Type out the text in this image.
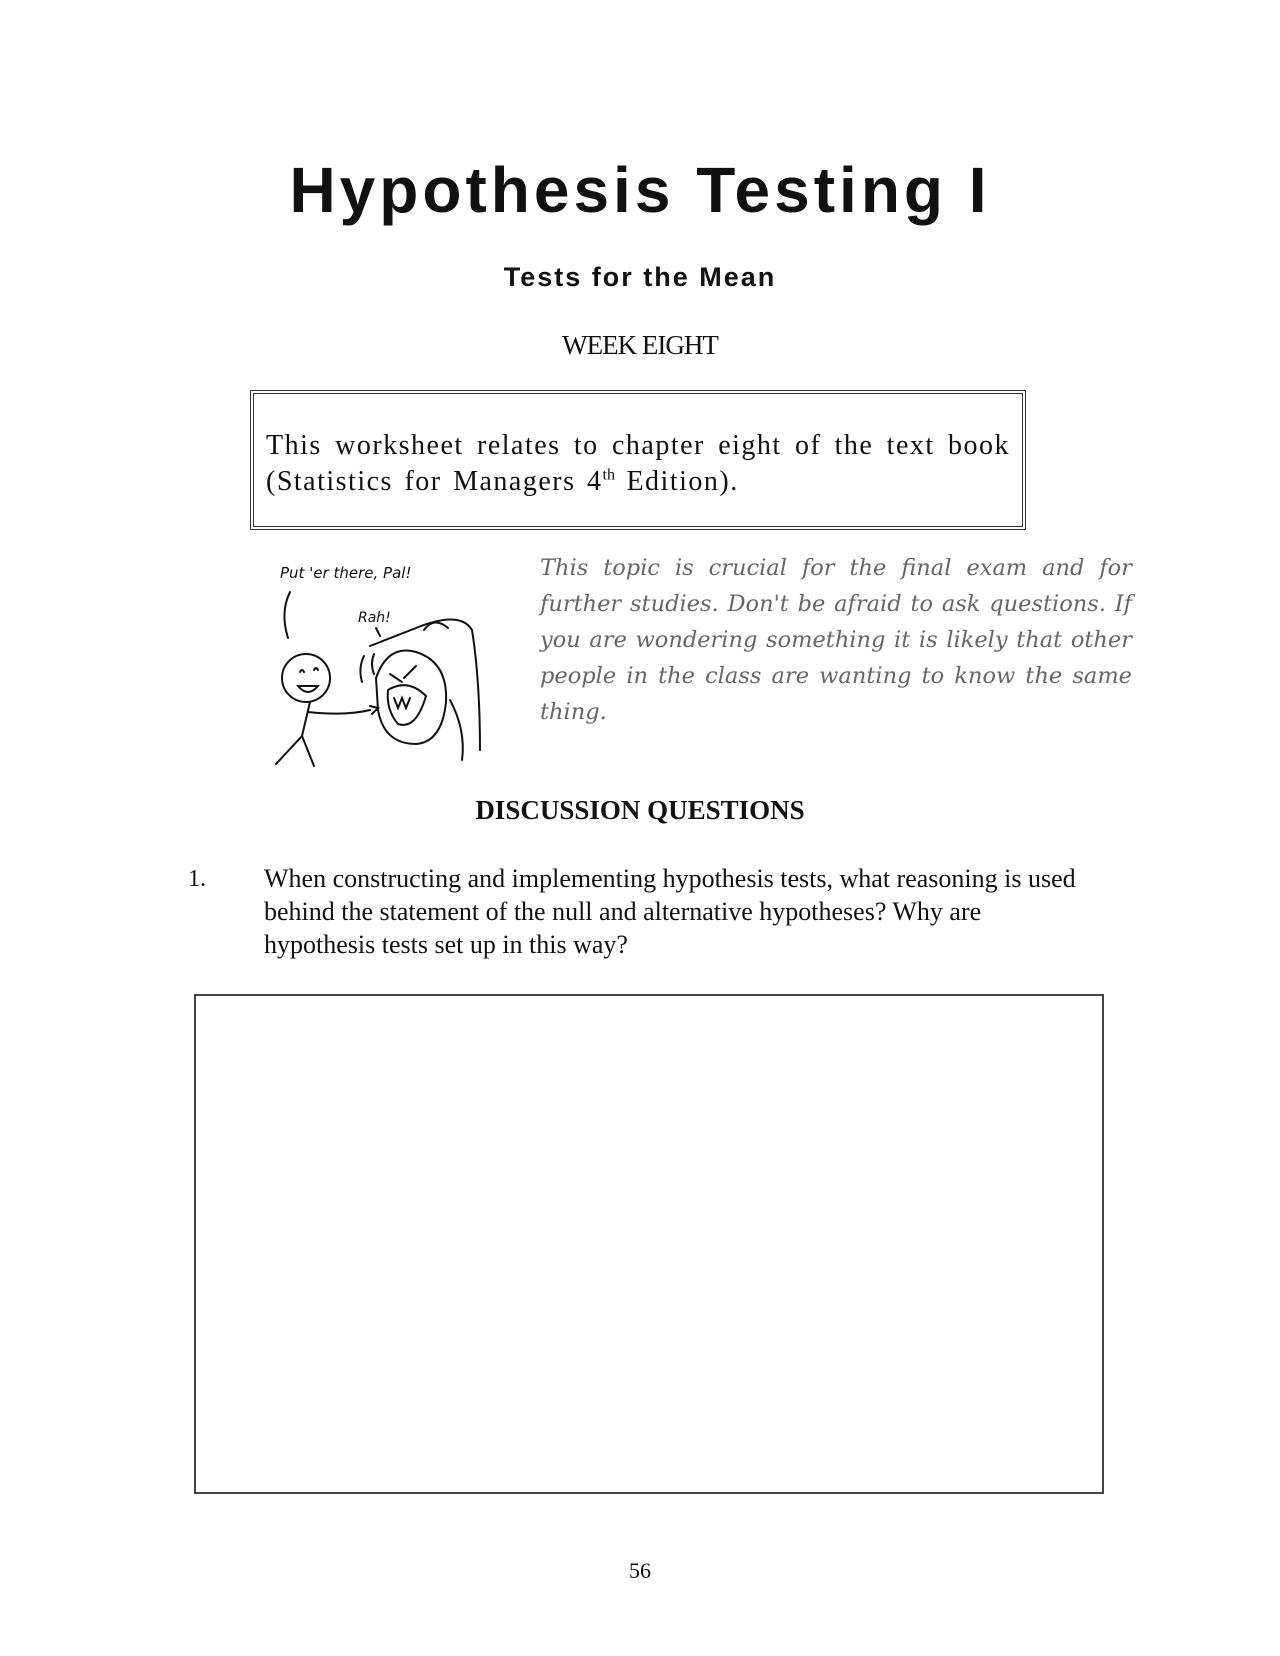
Hypothesis Testing I
Tests for the Mean
WEEK EIGHT
This worksheet relates to chapter eight of the text book (Statistics for Managers 4th Edition).
Put 'er there, Pal!
Rah!
This topic is crucial for the final exam and for further studies. Don't be afraid to ask questions. If you are wondering something it is likely that other people in the class are wanting to know the same thing.
DISCUSSION QUESTIONS
1. When constructing and implementing hypothesis tests, what reasoning is used behind the statement of the null and alternative hypotheses? Why are hypothesis tests set up in this way?
56
